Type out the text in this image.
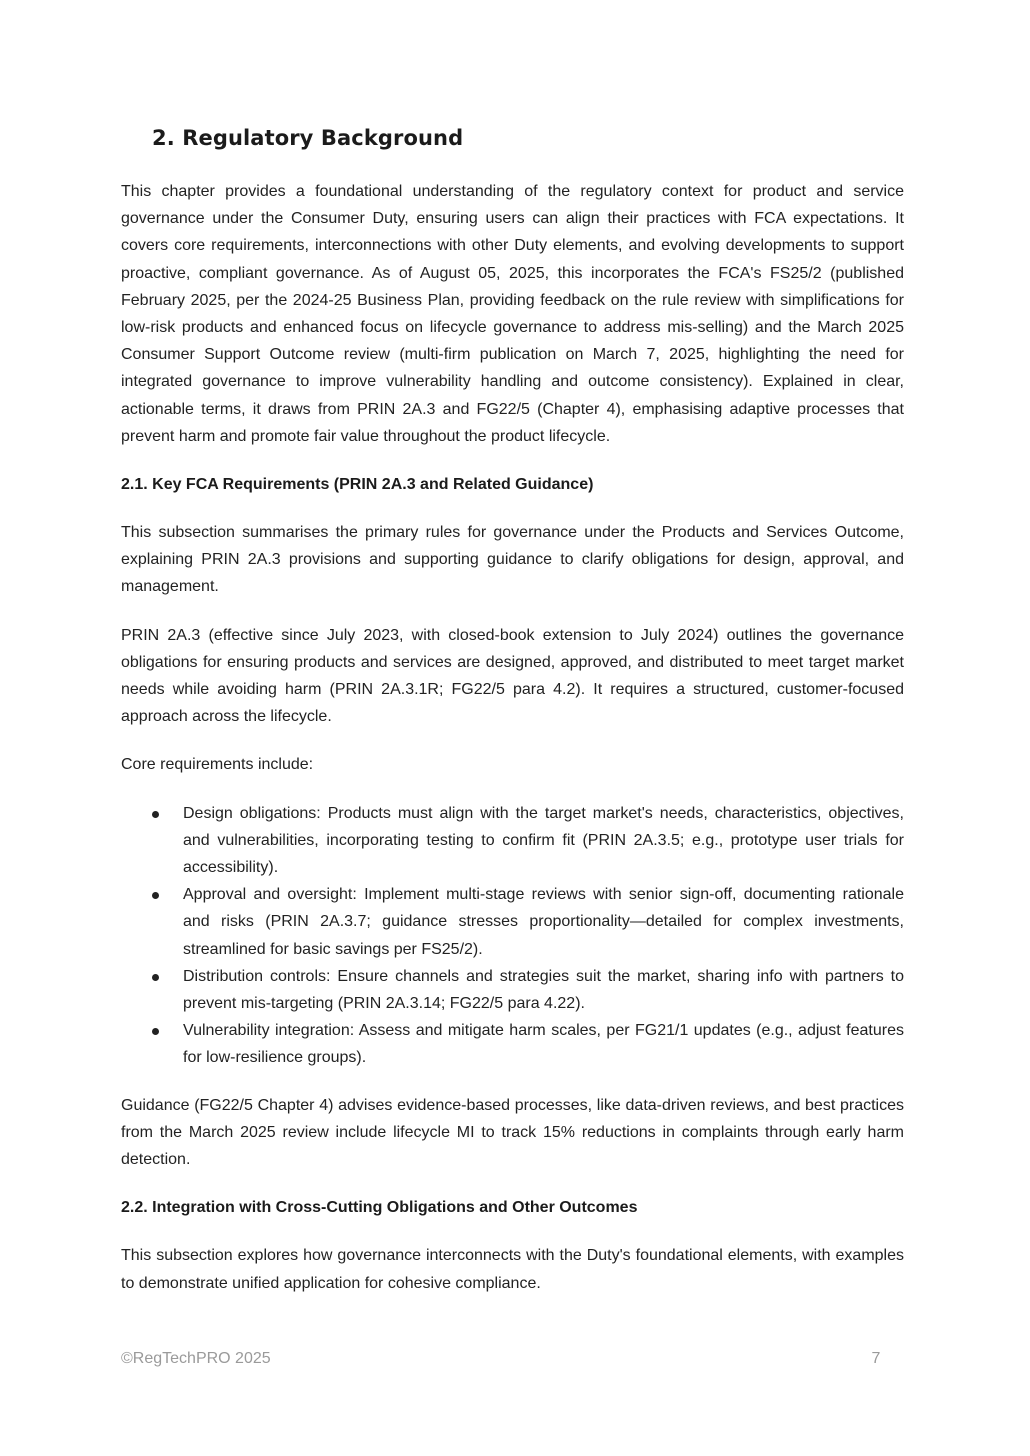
2. Regulatory Background

This chapter provides a foundational understanding of the regulatory context for product and service governance under the Consumer Duty, ensuring users can align their practices with FCA expectations. It covers core requirements, interconnections with other Duty elements, and evolving developments to support proactive, compliant governance. As of August 05, 2025, this incorporates the FCA's FS25/2 (published February 2025, per the 2024-25 Business Plan, providing feedback on the rule review with simplifications for low-risk products and enhanced focus on lifecycle governance to address mis-selling) and the March 2025 Consumer Support Outcome review (multi-firm publication on March 7, 2025, highlighting the need for integrated governance to improve vulnerability handling and outcome consistency). Explained in clear, actionable terms, it draws from PRIN 2A.3 and FG22/5 (Chapter 4), emphasising adaptive processes that prevent harm and promote fair value throughout the product lifecycle.

2.1. Key FCA Requirements (PRIN 2A.3 and Related Guidance)

This subsection summarises the primary rules for governance under the Products and Services Outcome, explaining PRIN 2A.3 provisions and supporting guidance to clarify obligations for design, approval, and management.

PRIN 2A.3 (effective since July 2023, with closed-book extension to July 2024) outlines the governance obligations for ensuring products and services are designed, approved, and distributed to meet target market needs while avoiding harm (PRIN 2A.3.1R; FG22/5 para 4.2). It requires a structured, customer-focused approach across the lifecycle.

Core requirements include:

Design obligations: Products must align with the target market's needs, characteristics, objectives, and vulnerabilities, incorporating testing to confirm fit (PRIN 2A.3.5; e.g., prototype user trials for accessibility).
Approval and oversight: Implement multi-stage reviews with senior sign-off, documenting rationale and risks (PRIN 2A.3.7; guidance stresses proportionality—detailed for complex investments, streamlined for basic savings per FS25/2).
Distribution controls: Ensure channels and strategies suit the market, sharing info with partners to prevent mis-targeting (PRIN 2A.3.14; FG22/5 para 4.22).
Vulnerability integration: Assess and mitigate harm scales, per FG21/1 updates (e.g., adjust features for low-resilience groups).

Guidance (FG22/5 Chapter 4) advises evidence-based processes, like data-driven reviews, and best practices from the March 2025 review include lifecycle MI to track 15% reductions in complaints through early harm detection.

2.2. Integration with Cross-Cutting Obligations and Other Outcomes

This subsection explores how governance interconnects with the Duty's foundational elements, with examples to demonstrate unified application for cohesive compliance.

©RegTechPRO 2025	7
